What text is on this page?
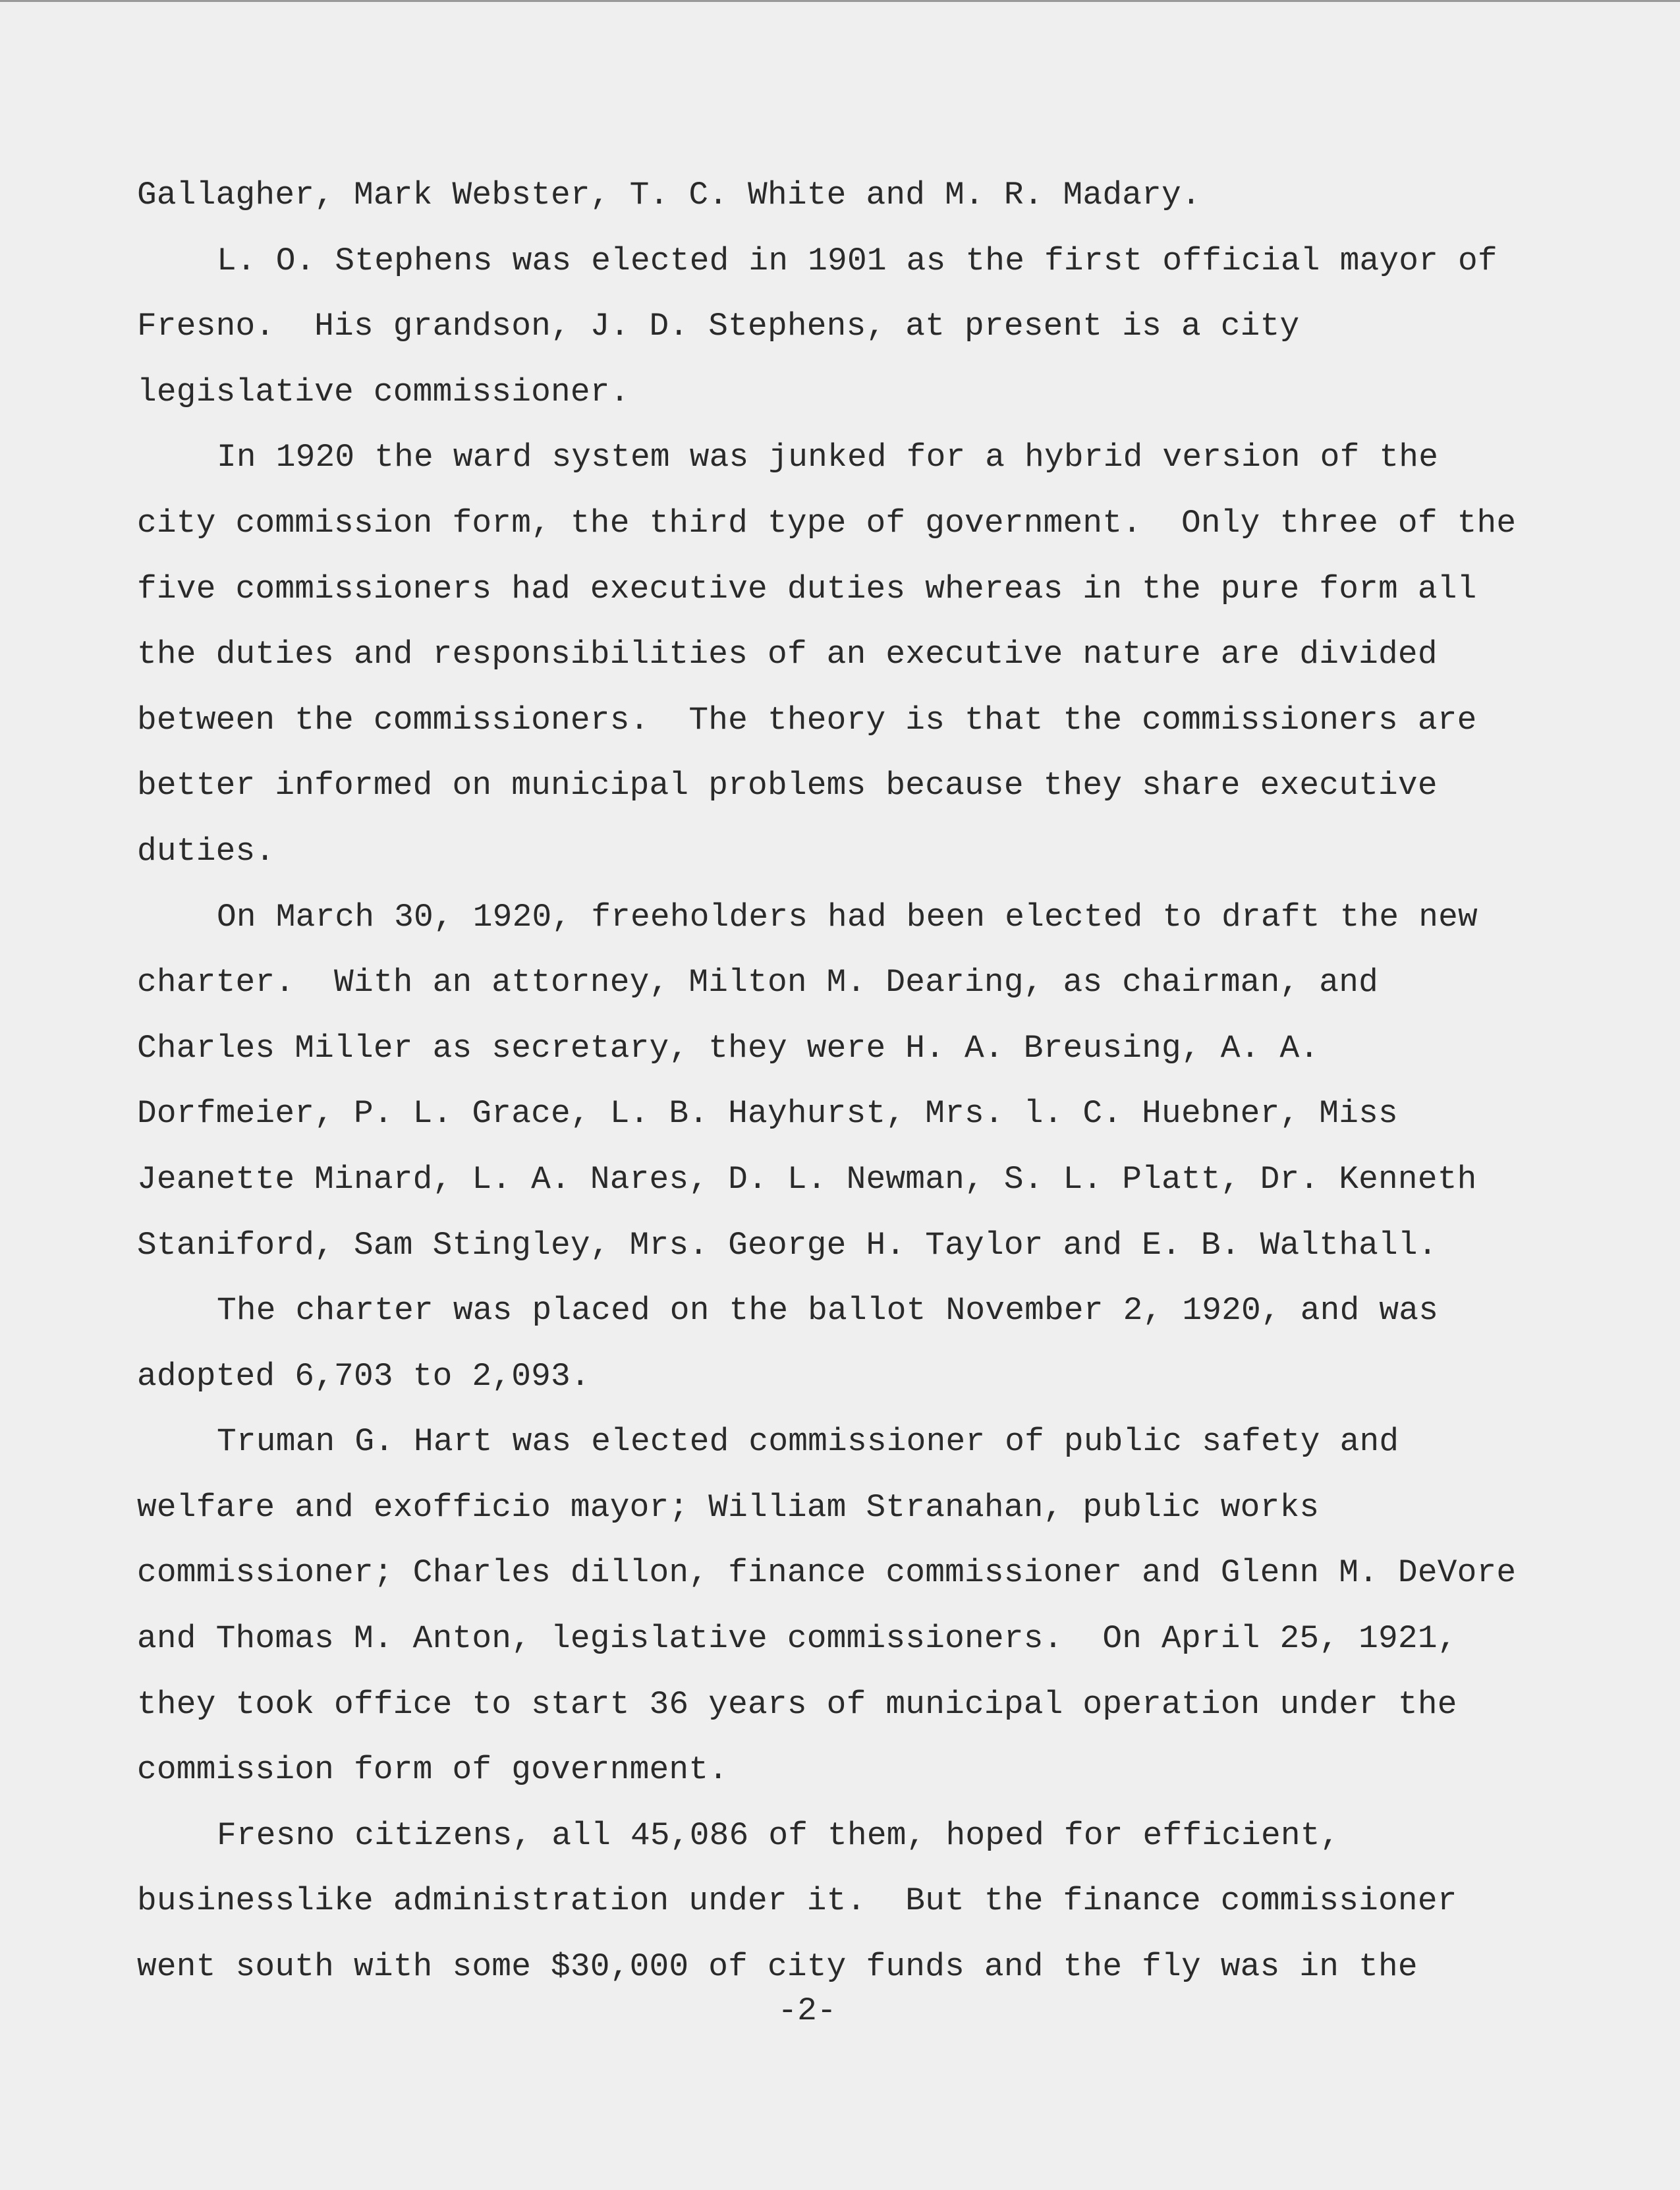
Gallagher, Mark Webster, T. C. White and M. R. Madary.
L. O. Stephens was elected in 1901 as the first official mayor of
Fresno.  His grandson, J. D. Stephens, at present is a city
legislative commissioner.
In 1920 the ward system was junked for a hybrid version of the
city commission form, the third type of government.  Only three of the
five commissioners had executive duties whereas in the pure form all
the duties and responsibilities of an executive nature are divided
between the commissioners.  The theory is that the commissioners are
better informed on municipal problems because they share executive
duties.
On March 30, 1920, freeholders had been elected to draft the new
charter.  With an attorney, Milton M. Dearing, as chairman, and
Charles Miller as secretary, they were H. A. Breusing, A. A.
Dorfmeier, P. L. Grace, L. B. Hayhurst, Mrs. l. C. Huebner, Miss
Jeanette Minard, L. A. Nares, D. L. Newman, S. L. Platt, Dr. Kenneth
Staniford, Sam Stingley, Mrs. George H. Taylor and E. B. Walthall.
The charter was placed on the ballot November 2, 1920, and was
adopted 6,703 to 2,093.
Truman G. Hart was elected commissioner of public safety and
welfare and exofficio mayor; William Stranahan, public works
commissioner; Charles dillon, finance commissioner and Glenn M. DeVore
and Thomas M. Anton, legislative commissioners.  On April 25, 1921,
they took office to start 36 years of municipal operation under the
commission form of government.
Fresno citizens, all 45,086 of them, hoped for efficient,
businesslike administration under it.  But the finance commissioner
went south with some $30,000 of city funds and the fly was in the
-2-
